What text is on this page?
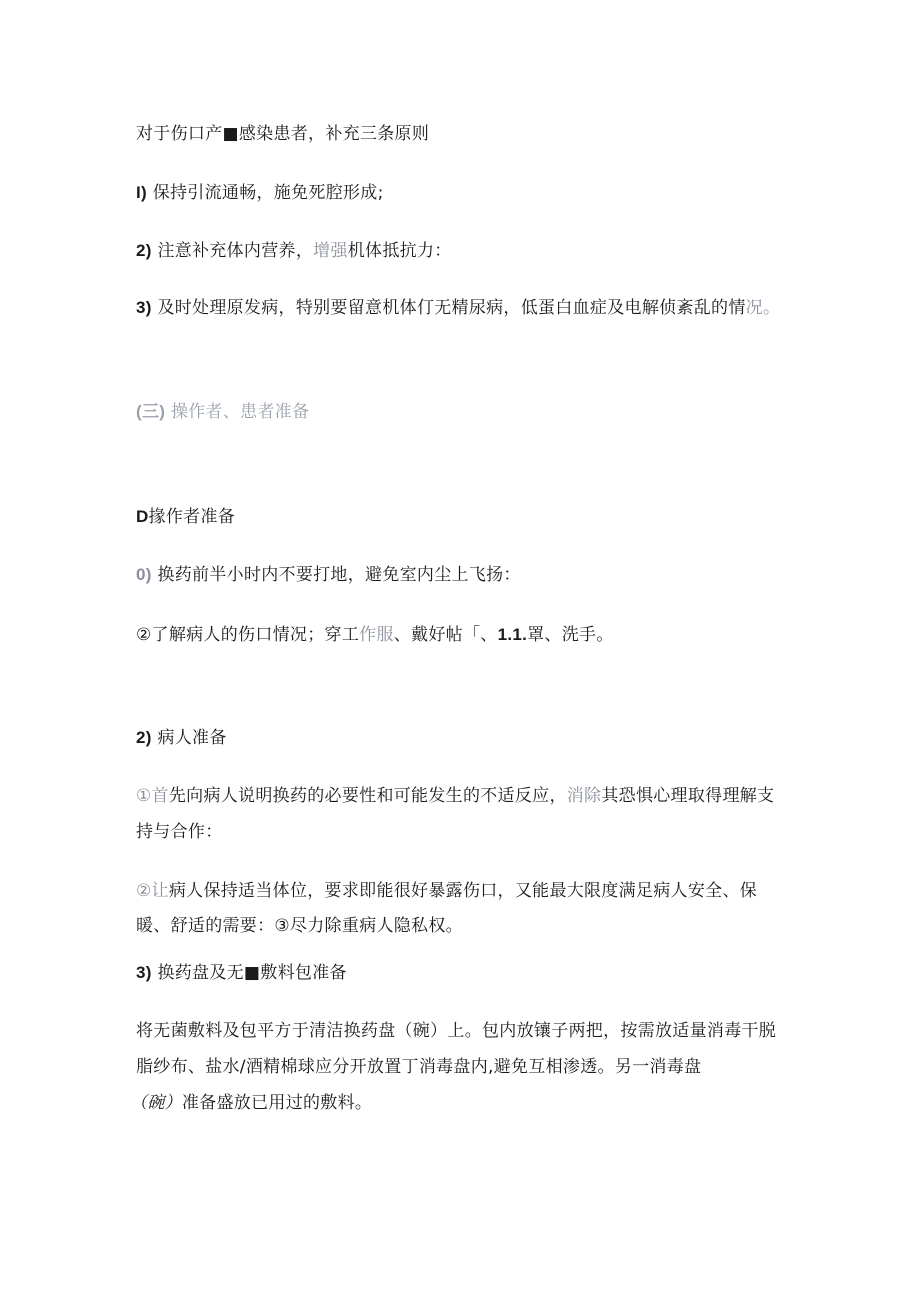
对于伤口产■感染患者，补充三条原则
I) 保持引流通畅，施免死腔形成;
2) 注意补充体内营养，增强机体抵抗力：
3) 及时处理原发病，特别要留意机体仃无精尿病，低蛋白血症及电解侦紊乱的情况。
(三) 操作者、患者准备
D掾作者准备
0) 换药前半小时内不要打地，避免室内尘上飞扬：
②了解病人的伤口情况；穿工作服、戴好帖「、1.1.罩、洗手。
2) 病人准备
①首先向病人说明换药的必要性和可能发生的不适反应，消除其恐惧心理取得理解支
持与合作：
②让病人保持适当体位，要求即能很好暴露伤口，又能最大限度满足病人安全、保
暖、舒适的需要：③尽力除重病人隐私权。
3) 换药盘及无■敷料包准备
将无菌敷料及包平方于清洁换药盘（碗）上。包内放镶子两把，按需放适量消毒干脱
脂纱布、盐水/酒精棉球应分开放置丁消毒盘内,避免互相渗透。另一消毒盘
（碗）准备盛放已用过的敷料。
